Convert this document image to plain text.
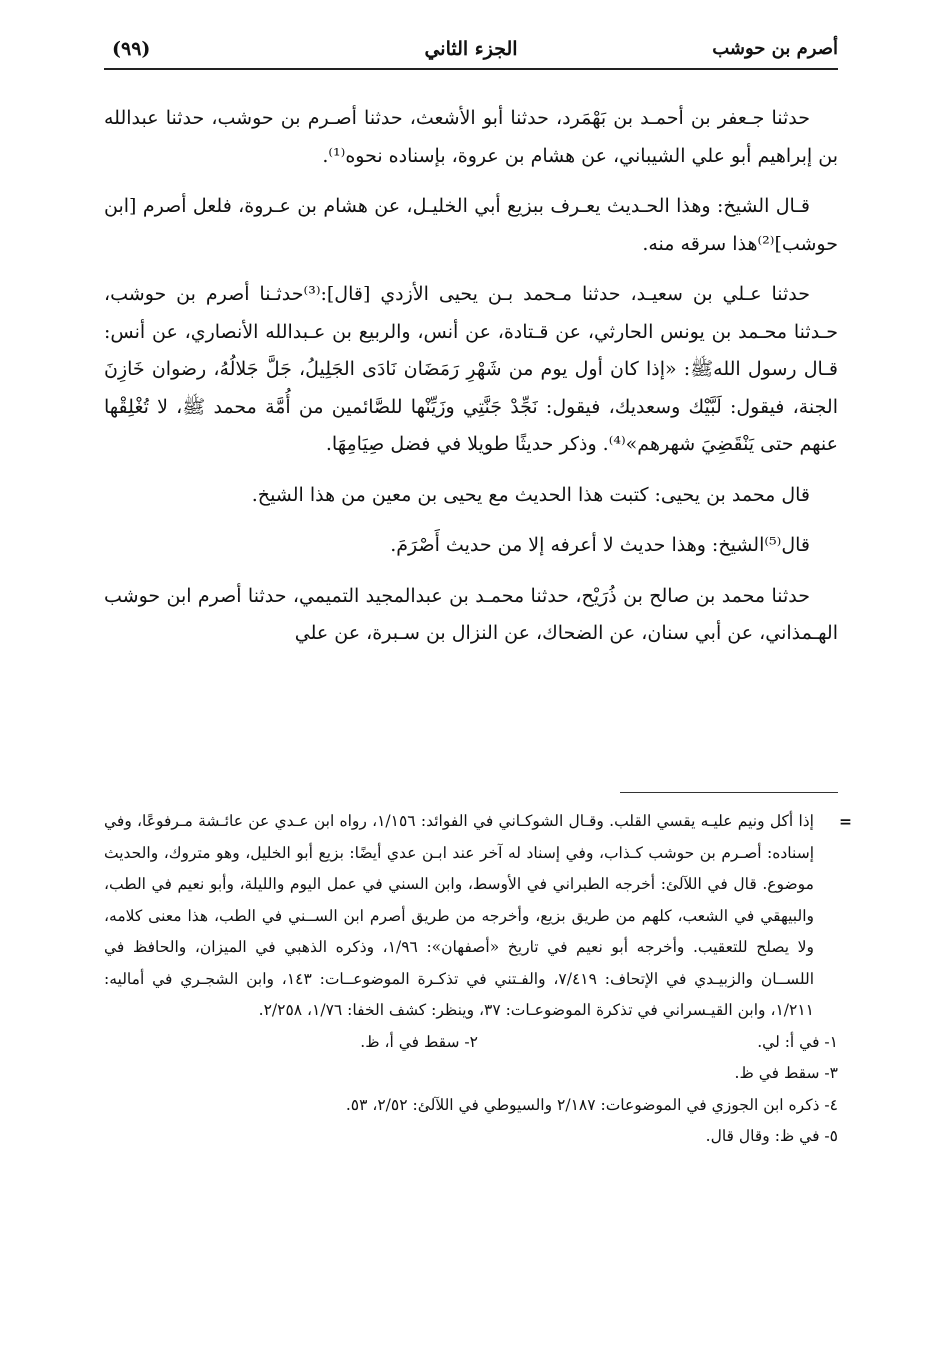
أصرم بن حوشب
الجزء الثاني
(٩٩)

حدثنا جـعفر بن أحمـد بن بَهْمَرد، حدثنا أبو الأشعث، حدثنا أصـرم بن حوشب، حدثنا عبدالله بن إبراهيم أبو علي الشيباني، عن هشام بن عروة، بإسناده نحوه⁽¹⁾.

قـال الشيخ: وهذا الحـديث يعـرف ببزيع أبي الخليـل، عن هشام بن عـروة، فلعل أصرم [ابن حوشب]⁽²⁾هذا سرقه منه.

حدثنا عـلي بن سعيـد، حدثنا مـحمد بـن يحيى الأزدي [قال]:⁽³⁾حدثـنا أصرم بن حوشب، حـدثنا محـمد بن يونس الحارثي، عن قـتادة، عن أنس، والربيع بن عـبدالله الأنصاري، عن أنس: قـال رسول اللهﷺ: «إذا كان أول يوم من شَهْرِ رَمَضَان نَادَى الجَلِيلُ، جَلَّ جَلالُهُ، رضوان خَازِنَ الجنة، فيقول: لَبَّيْك وسعديك، فيقول: نَجِّدْ جَنَّتِي وزَيِّنْها للصَّائمين من أُمَّة محمد ﷺ، لا تُغْلِقْها عنهم حتى يَنْقَضِيَ شهرهم»⁽⁴⁾. وذكر حديثًا طويلا في فضل صِيَامِهَا.

قال محمد بن يحيى: كتبت هذا الحديث مع يحيى بن معين من هذا الشيخ.

قال⁽⁵⁾الشيخ: وهذا حديث لا أعرفه إلا من حديث أَصْرَمَ.

حدثنا محمد بن صالح بن ذُرَيْح، حدثنا محمـد بن عبدالمجيد التميمي، حدثنا أصرم ابن حوشب الهـمذاني، عن أبي سنان، عن الضحاك، عن النزال بن سـبرة، عن علي

=
إذا أكل ونيم عليـه يقسي القلب. وقـال الشوكـاني في الفوائد: ١/١٥٦، رواه ابن عـدي عن عائـشة مـرفوعًا، وفي إسناده: أصـرم بن حوشب كـذاب، وفي إسناد له آخر عند ابـن عدي أيضًا: بزيع أبو الخليل، وهو متروك، والحديث موضوع. قال في اللآلئ: أخرجه الطبراني في الأوسط، وابن السني في عمل اليوم والليلة، وأبو نعيم في الطب، والبيهقي في الشعب، كلهم من طريق بزيع، وأخرجه من طريق أصرم ابن الســني في الطب، هذا معنى كلامه، ولا يصلح للتعقيب. وأخرجه أبو نعيم في تاريخ «أصفهان»: ١/٩٦، وذكره الذهبي في الميزان، والحافظ في اللســان والزبيـدي في الإتحاف: ٧/٤١٩، والفـتني في تذكـرة الموضوعــات: ١٤٣، وابن الشجـري في أماليه: ١/٢١١، وابن القيـسراني في تذكرة الموضوعـات: ٣٧، وينظر: كشف الخفا: ١/٧٦، ٢/٢٥٨.

١- في أ: لي.
٢- سقط في أ، ظ.

٣- سقط في ظ.

٤- ذكره ابن الجوزي في الموضوعات: ٢/١٨٧ والسيوطي في اللآلئ: ٢/٥٢، ٥٣.

٥- في ظ: وقال قال.
